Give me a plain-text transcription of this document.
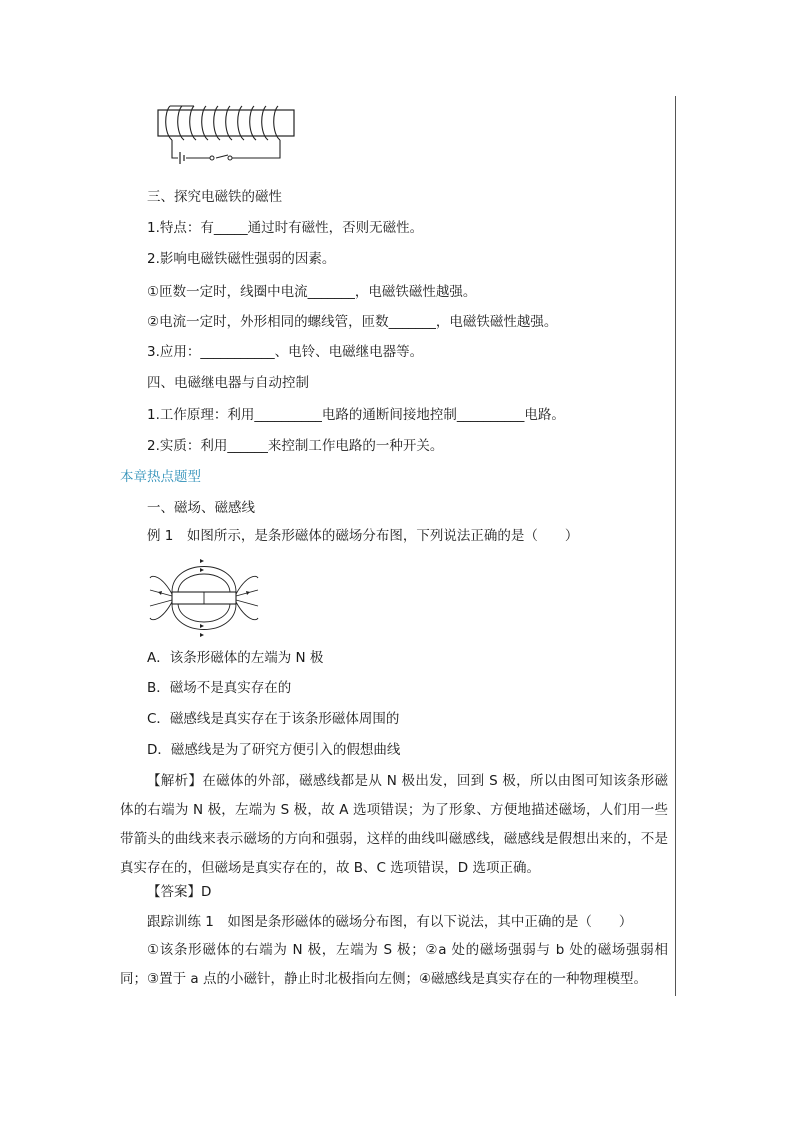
三、探究电磁铁的磁性
1.特点：有_____通过时有磁性，否则无磁性。
2.影响电磁铁磁性强弱的因素。
①匝数一定时，线圈中电流_______，电磁铁磁性越强。
②电流一定时，外形相同的螺线管，匝数_______，电磁铁磁性越强。
3.应用：___________、电铃、电磁继电器等。
四、电磁继电器与自动控制
1.工作原理：利用__________电路的通断间接地控制__________电路。
2.实质：利用______来控制工作电路的一种开关。
本章热点题型
一、磁场、磁感线
例 1　如图所示，是条形磁体的磁场分布图，下列说法正确的是（　　）
A．该条形磁体的左端为 N 极
B．磁场不是真实存在的
C．磁感线是真实存在于该条形磁体周围的
D．磁感线是为了研究方便引入的假想曲线
【解析】在磁体的外部，磁感线都是从 N 极出发，回到 S 极，所以由图可知该条形磁体的右端为 N 极，左端为 S 极，故 A 选项错误；为了形象、方便地描述磁场，人们用一些带箭头的曲线来表示磁场的方向和强弱，这样的曲线叫磁感线，磁感线是假想出来的，不是真实存在的，但磁场是真实存在的，故 B、C 选项错误，D 选项正确。
【答案】D
跟踪训练 1　如图是条形磁体的磁场分布图，有以下说法，其中正确的是（　　）
①该条形磁体的右端为 N 极，左端为 S 极；②a 处的磁场强弱与 b 处的磁场强弱相同；③置于 a 点的小磁针，静止时北极指向左侧；④磁感线是真实存在的一种物理模型。
